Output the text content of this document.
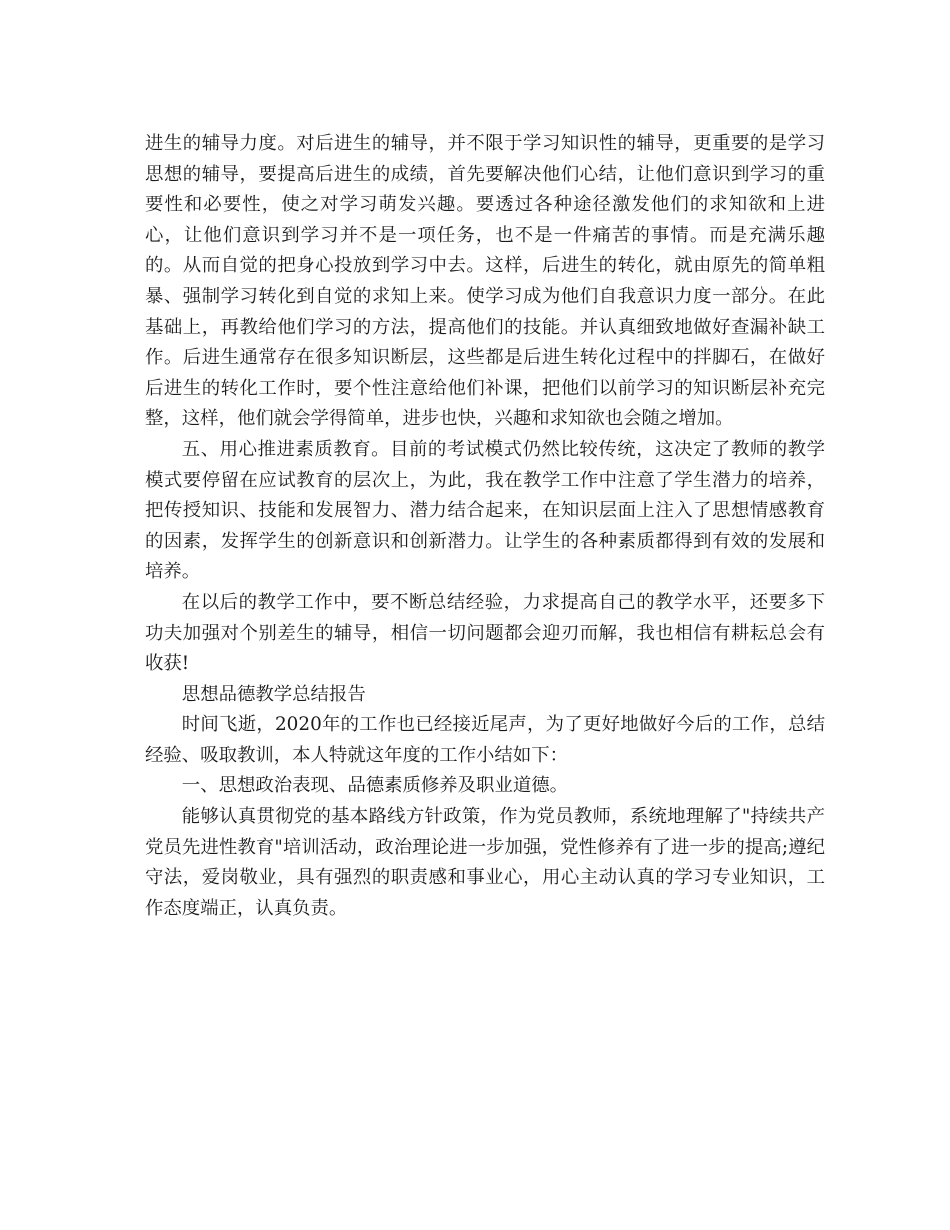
进生的辅导力度。对后进生的辅导，并不限于学习知识性的辅导，更重要的是学习思想的辅导，要提高后进生的成绩，首先要解决他们心结，让他们意识到学习的重要性和必要性，使之对学习萌发兴趣。要透过各种途径激发他们的求知欲和上进心，让他们意识到学习并不是一项任务，也不是一件痛苦的事情。而是充满乐趣的。从而自觉的把身心投放到学习中去。这样，后进生的转化，就由原先的简单粗暴、强制学习转化到自觉的求知上来。使学习成为他们自我意识力度一部分。在此基础上，再教给他们学习的方法，提高他们的技能。并认真细致地做好查漏补缺工作。后进生通常存在很多知识断层，这些都是后进生转化过程中的拌脚石，在做好后进生的转化工作时，要个性注意给他们补课，把他们以前学习的知识断层补充完整，这样，他们就会学得简单，进步也快，兴趣和求知欲也会随之增加。

五、用心推进素质教育。目前的考试模式仍然比较传统，这决定了教师的教学模式要停留在应试教育的层次上，为此，我在教学工作中注意了学生潜力的培养，把传授知识、技能和发展智力、潜力结合起来，在知识层面上注入了思想情感教育的因素，发挥学生的创新意识和创新潜力。让学生的各种素质都得到有效的发展和培养。

在以后的教学工作中，要不断总结经验，力求提高自己的教学水平，还要多下功夫加强对个别差生的辅导，相信一切问题都会迎刃而解，我也相信有耕耘总会有收获!

思想品德教学总结报告

时间飞逝，2020年的工作也已经接近尾声，为了更好地做好今后的工作，总结经验、吸取教训，本人特就这年度的工作小结如下：

一、思想政治表现、品德素质修养及职业道德。

能够认真贯彻党的基本路线方针政策，作为党员教师，系统地理解了"持续共产党员先进性教育"培训活动，政治理论进一步加强，党性修养有了进一步的提高;遵纪守法，爱岗敬业，具有强烈的职责感和事业心，用心主动认真的学习专业知识，工作态度端正，认真负责。
